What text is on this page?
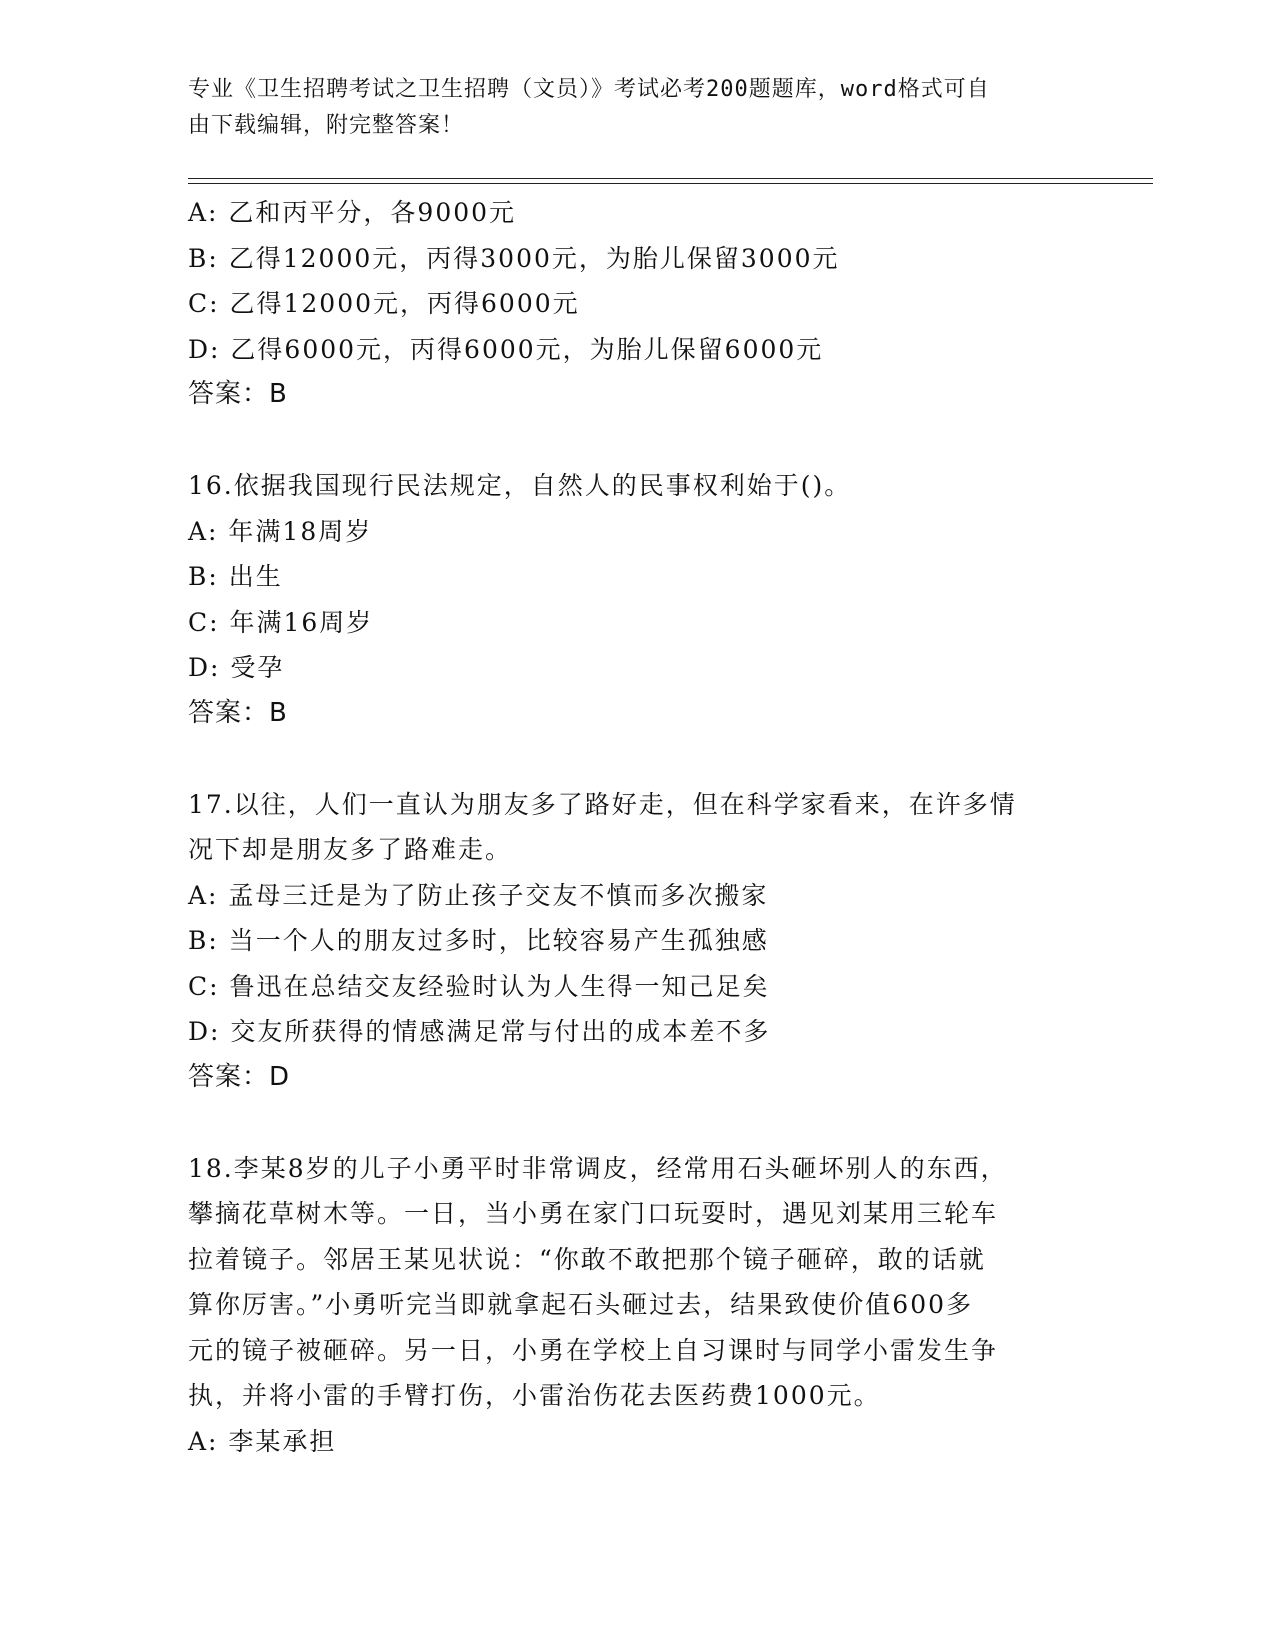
专业《卫生招聘考试之卫生招聘（文员）》考试必考200题题库，word格式可自
由下载编辑，附完整答案！
A: 乙和丙平分，各9000元
B: 乙得12000元，丙得3000元，为胎儿保留3000元
C: 乙得12000元，丙得6000元
D: 乙得6000元，丙得6000元，为胎儿保留6000元
答案：B
16.依据我国现行民法规定，自然人的民事权利始于()。
A: 年满18周岁
B: 出生
C: 年满16周岁
D: 受孕
答案：B
17.以往，人们一直认为朋友多了路好走，但在科学家看来，在许多情
况下却是朋友多了路难走。
A: 孟母三迁是为了防止孩子交友不慎而多次搬家
B: 当一个人的朋友过多时，比较容易产生孤独感
C: 鲁迅在总结交友经验时认为人生得一知己足矣
D: 交友所获得的情感满足常与付出的成本差不多
答案：D
18.李某8岁的儿子小勇平时非常调皮，经常用石头砸坏别人的东西，
攀摘花草树木等。一日，当小勇在家门口玩耍时，遇见刘某用三轮车
拉着镜子。邻居王某见状说：“你敢不敢把那个镜子砸碎，敢的话就
算你厉害。”小勇听完当即就拿起石头砸过去，结果致使价值600多
元的镜子被砸碎。另一日，小勇在学校上自习课时与同学小雷发生争
执，并将小雷的手臂打伤，小雷治伤花去医药费1000元。
A: 李某承担
